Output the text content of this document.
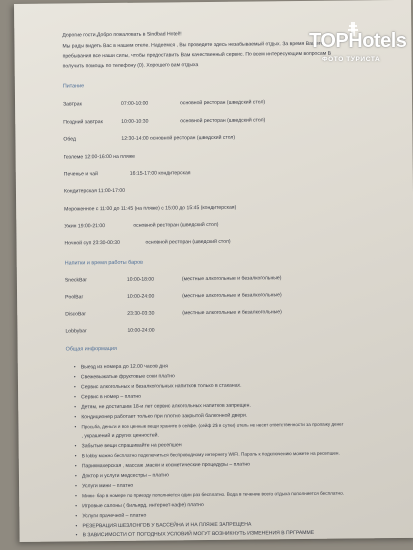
Дорогие гости,Добро пожаловать в Sindbad Hotel!!
Мы рады видеть Вас в нашем отеле. Надеемся , Вы проведете здесь незабываемый отдых. За время Вашего
пребывания все наши силы, чтобы предоставить Вам качественный сервис. По всем интересующим вопросам В
получить помощь по телефону (0). Хорошего вам отдыха
Питание
Завтрак	07:00-10:00	основной ресторан (шведский стол)
Поздний завтрак	10:00-10:30	основной ресторан (шведский стол)
Обед	12:30-14:00 основной ресторан (шведский стол)
Гезлеме 12:00-16:00 на пляже
Печенье и чай	16:15-17:00 кондитерская
Кондитерская 11:00-17:00
Мороженное с 11:00 до 11:45 (на пляже) с 15:00 до 15:45 (кондитерская)
Ужин 19:00-21:00	основной ресторан (шведский стол)
Ночной суп 23:30-00:30	основной ресторан (шведский стол)
Напитки и время работы баров
SneckBar	10:00-18:00	(местные алкогольные и безалкогольные)
PoolBar	10:00-24:00	(местные алкогольные и безалкогольные)
DiscoBar	23:30-03:30	(местные алкогольные и безалкогольные)
Lobbybar	10:00-24:00
Общая информация
• Выезд из номера до 12.00 часов дня
• Свежевыжатые фруктовые соки платно
• Сервис алкогольных и безалкогольных напитков только в стаканах.
• Сервис в номер – платно
• Детям, не достигшим 18-и лет сервис алкогольных напитков запрещен.
• Кондиционер работает только при плотно закрытой балконной двери.
• Просьба, деньги и все ценные вещи храните в сейфе. (сейф 2$ в сутки) отель не несет ответственности за пропажу денег
, украшений и других ценностей.
• Забытые вещи спрашивайте на ресепшен
• В lobby можно бесплатно подключиться беспроводному интернету WIFI. Пароль к подключению можете на ресепшен.
• Парикмахерская , массаж ,маски и косметические процедуры – платно
• Доктор и услуги медсестры – платно
• Услуги мини – платно
• Мини- бар в номере по приезду пополняется один раз бесплатно. Вода в течение всего отдыха пополняется бесплатно.
• Игровые салоны ( бильярд, интернет-кафе) платно
• Услуги прачечной – платно
• РЕЗЕРВАЦИЯ ШЕЗЛОНГОВ У БАССЕЙНА И НА ПЛЯЖЕ ЗАПРЕЩЕНА
• В ЗАВИСИМОСТИ ОТ ПОГОДНЫХ УСЛОВИЙ МОГУТ ВОЗНИКНУТЬ ИЗМЕНЕНИЯ В ПРГРАММЕ
TOPHotels
ФОТО ТУРИСТА
